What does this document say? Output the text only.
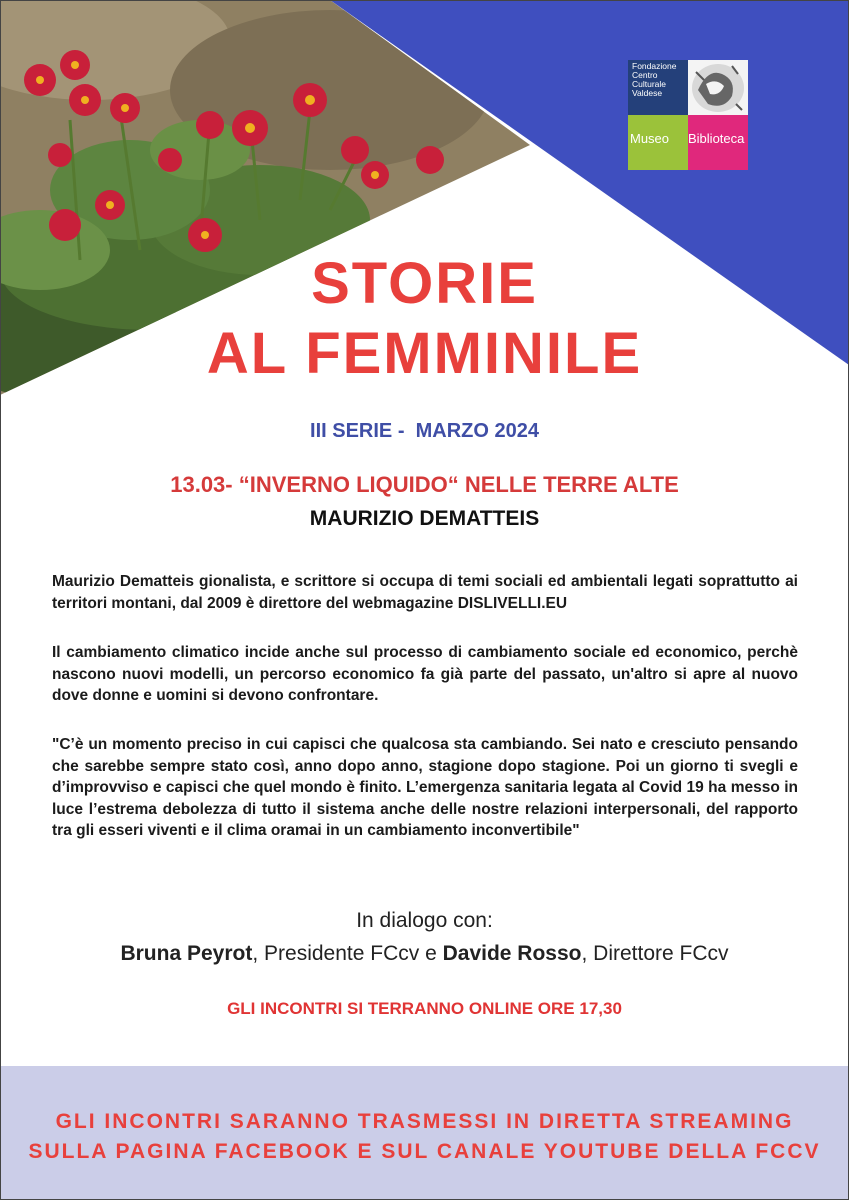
Fondazione
Centro
Culturale
Valdese
Museo Biblioteca
STORIE
AL FEMMINILE
III SERIE -  MARZO 2024
13.03- “INVERNO LIQUIDO“ NELLE TERRE ALTE
MAURIZIO DEMATTEIS

Maurizio Dematteis gionalista, e scrittore si occupa di temi sociali ed ambientali legati soprattutto ai territori montani, dal 2009 è direttore del webmagazine DISLIVELLI.EU

Il cambiamento climatico incide anche sul processo di cambiamento sociale ed economico, perchè nascono nuovi modelli, un percorso economico fa già parte del passato, un'altro si apre al nuovo dove donne e uomini si devono confrontare.

"C’è un momento preciso in cui capisci che qualcosa sta cambiando. Sei nato e cresciuto pensando che sarebbe sempre stato così, anno dopo anno, stagione dopo stagione. Poi un giorno ti svegli e d’improvviso e capisci che quel mondo è finito. L’emergenza sanitaria legata al Covid 19 ha messo in luce l’estrema debolezza di tutto il sistema anche delle nostre relazioni interpersonali, del rapporto tra gli esseri viventi e il clima oramai in un cambiamento inconvertibile"

In dialogo con:
Bruna Peyrot, Presidente FCcv e Davide Rosso, Direttore FCcv
GLI INCONTRI SI TERRANNO ONLINE ORE 17,30

GLI INCONTRI SARANNO TRASMESSI IN DIRETTA STREAMING

SULLA PAGINA FACEBOOK E SUL CANALE YOUTUBE DELLA FCCV
